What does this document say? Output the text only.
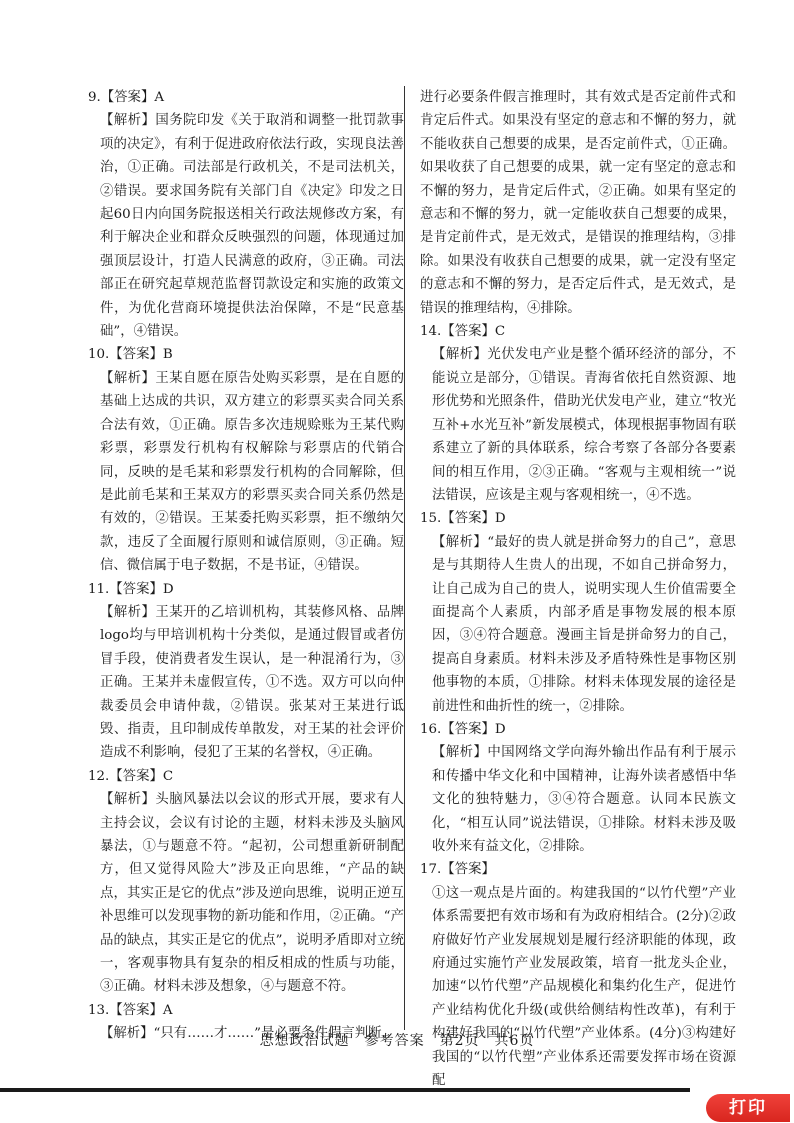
9.【答案】A

【解析】国务院印发《关于取消和调整一批罚款事项的决定》，有利于促进政府依法行政，实现良法善治，①正确。司法部是行政机关，不是司法机关，②错误。要求国务院有关部门自《决定》印发之日起60日内向国务院报送相关行政法规修改方案，有利于解决企业和群众反映强烈的问题，体现通过加强顶层设计，打造人民满意的政府，③正确。司法部正在研究起草规范监督罚款设定和实施的政策文件，为优化营商环境提供法治保障，不是“民意基础”，④错误。

10.【答案】B

【解析】王某自愿在原告处购买彩票，是在自愿的基础上达成的共识，双方建立的彩票买卖合同关系合法有效，①正确。原告多次违规赊账为王某代购彩票，彩票发行机构有权解除与彩票店的代销合同，反映的是毛某和彩票发行机构的合同解除，但是此前毛某和王某双方的彩票买卖合同关系仍然是有效的，②错误。王某委托购买彩票，拒不缴纳欠款，违反了全面履行原则和诚信原则，③正确。短信、微信属于电子数据，不是书证，④错误。

11.【答案】D

【解析】王某开的乙培训机构，其装修风格、品牌logo均与甲培训机构十分类似，是通过假冒或者仿冒手段，使消费者发生误认，是一种混淆行为，③正确。王某并未虚假宣传，①不选。双方可以向仲裁委员会申请仲裁，②错误。张某对王某进行诋毁、指责，且印制成传单散发，对王某的社会评价造成不利影响，侵犯了王某的名誉权，④正确。

12.【答案】C

【解析】头脑风暴法以会议的形式开展，要求有人主持会议，会议有讨论的主题，材料未涉及头脑风暴法，①与题意不符。“起初，公司想重新研制配方，但又觉得风险大”涉及正向思维，“产品的缺点，其实正是它的优点”涉及逆向思维，说明正逆互补思维可以发现事物的新功能和作用，②正确。“产品的缺点，其实正是它的优点”，说明矛盾即对立统一，客观事物具有复杂的相反相成的性质与功能，③正确。材料未涉及想象，④与题意不符。

13.【答案】A

【解析】“只有……才……”是必要条件假言判断，

进行必要条件假言推理时，其有效式是否定前件式和肯定后件式。如果没有坚定的意志和不懈的努力，就不能收获自己想要的成果，是否定前件式，①正确。如果收获了自己想要的成果，就一定有坚定的意志和不懈的努力，是肯定后件式，②正确。如果有坚定的意志和不懈的努力，就一定能收获自己想要的成果，是肯定前件式，是无效式，是错误的推理结构，③排除。如果没有收获自己想要的成果，就一定没有坚定的意志和不懈的努力，是否定后件式，是无效式，是错误的推理结构，④排除。

14.【答案】C

【解析】光伏发电产业是整个循环经济的部分，不能说立是部分，①错误。青海省依托自然资源、地形优势和光照条件，借助光伏发电产业，建立“牧光互补+水光互补”新发展模式，体现根据事物固有联系建立了新的具体联系，综合考察了各部分各要素间的相互作用，②③正确。“客观与主观相统一”说法错误，应该是主观与客观相统一，④不选。

15.【答案】D

【解析】“最好的贵人就是拼命努力的自己”，意思是与其期待人生贵人的出现，不如自己拼命努力，让自己成为自己的贵人，说明实现人生价值需要全面提高个人素质，内部矛盾是事物发展的根本原因，③④符合题意。漫画主旨是拼命努力的自己，提高自身素质。材料未涉及矛盾特殊性是事物区别他事物的本质，①排除。材料未体现发展的途径是前进性和曲折性的统一，②排除。

16.【答案】D

【解析】中国网络文学向海外输出作品有利于展示和传播中华文化和中国精神，让海外读者感悟中华文化的独特魅力，③④符合题意。认同本民族文化，“相互认同”说法错误，①排除。材料未涉及吸收外来有益文化，②排除。

17.【答案】

①这一观点是片面的。构建我国的“以竹代塑”产业体系需要把有效市场和有为政府相结合。(2分)②政府做好竹产业发展规划是履行经济职能的体现，政府通过实施竹产业发展政策，培育一批龙头企业，加速“以竹代塑”产品规模化和集约化生产，促进竹产业结构优化升级(或供给侧结构性改革)，有利于构建好我国的“以竹代塑”产业体系。(4分)③构建好我国的“以竹代塑”产业体系还需要发挥市场在资源配

思想政治试题　参考答案　第2页　共6页
打印
